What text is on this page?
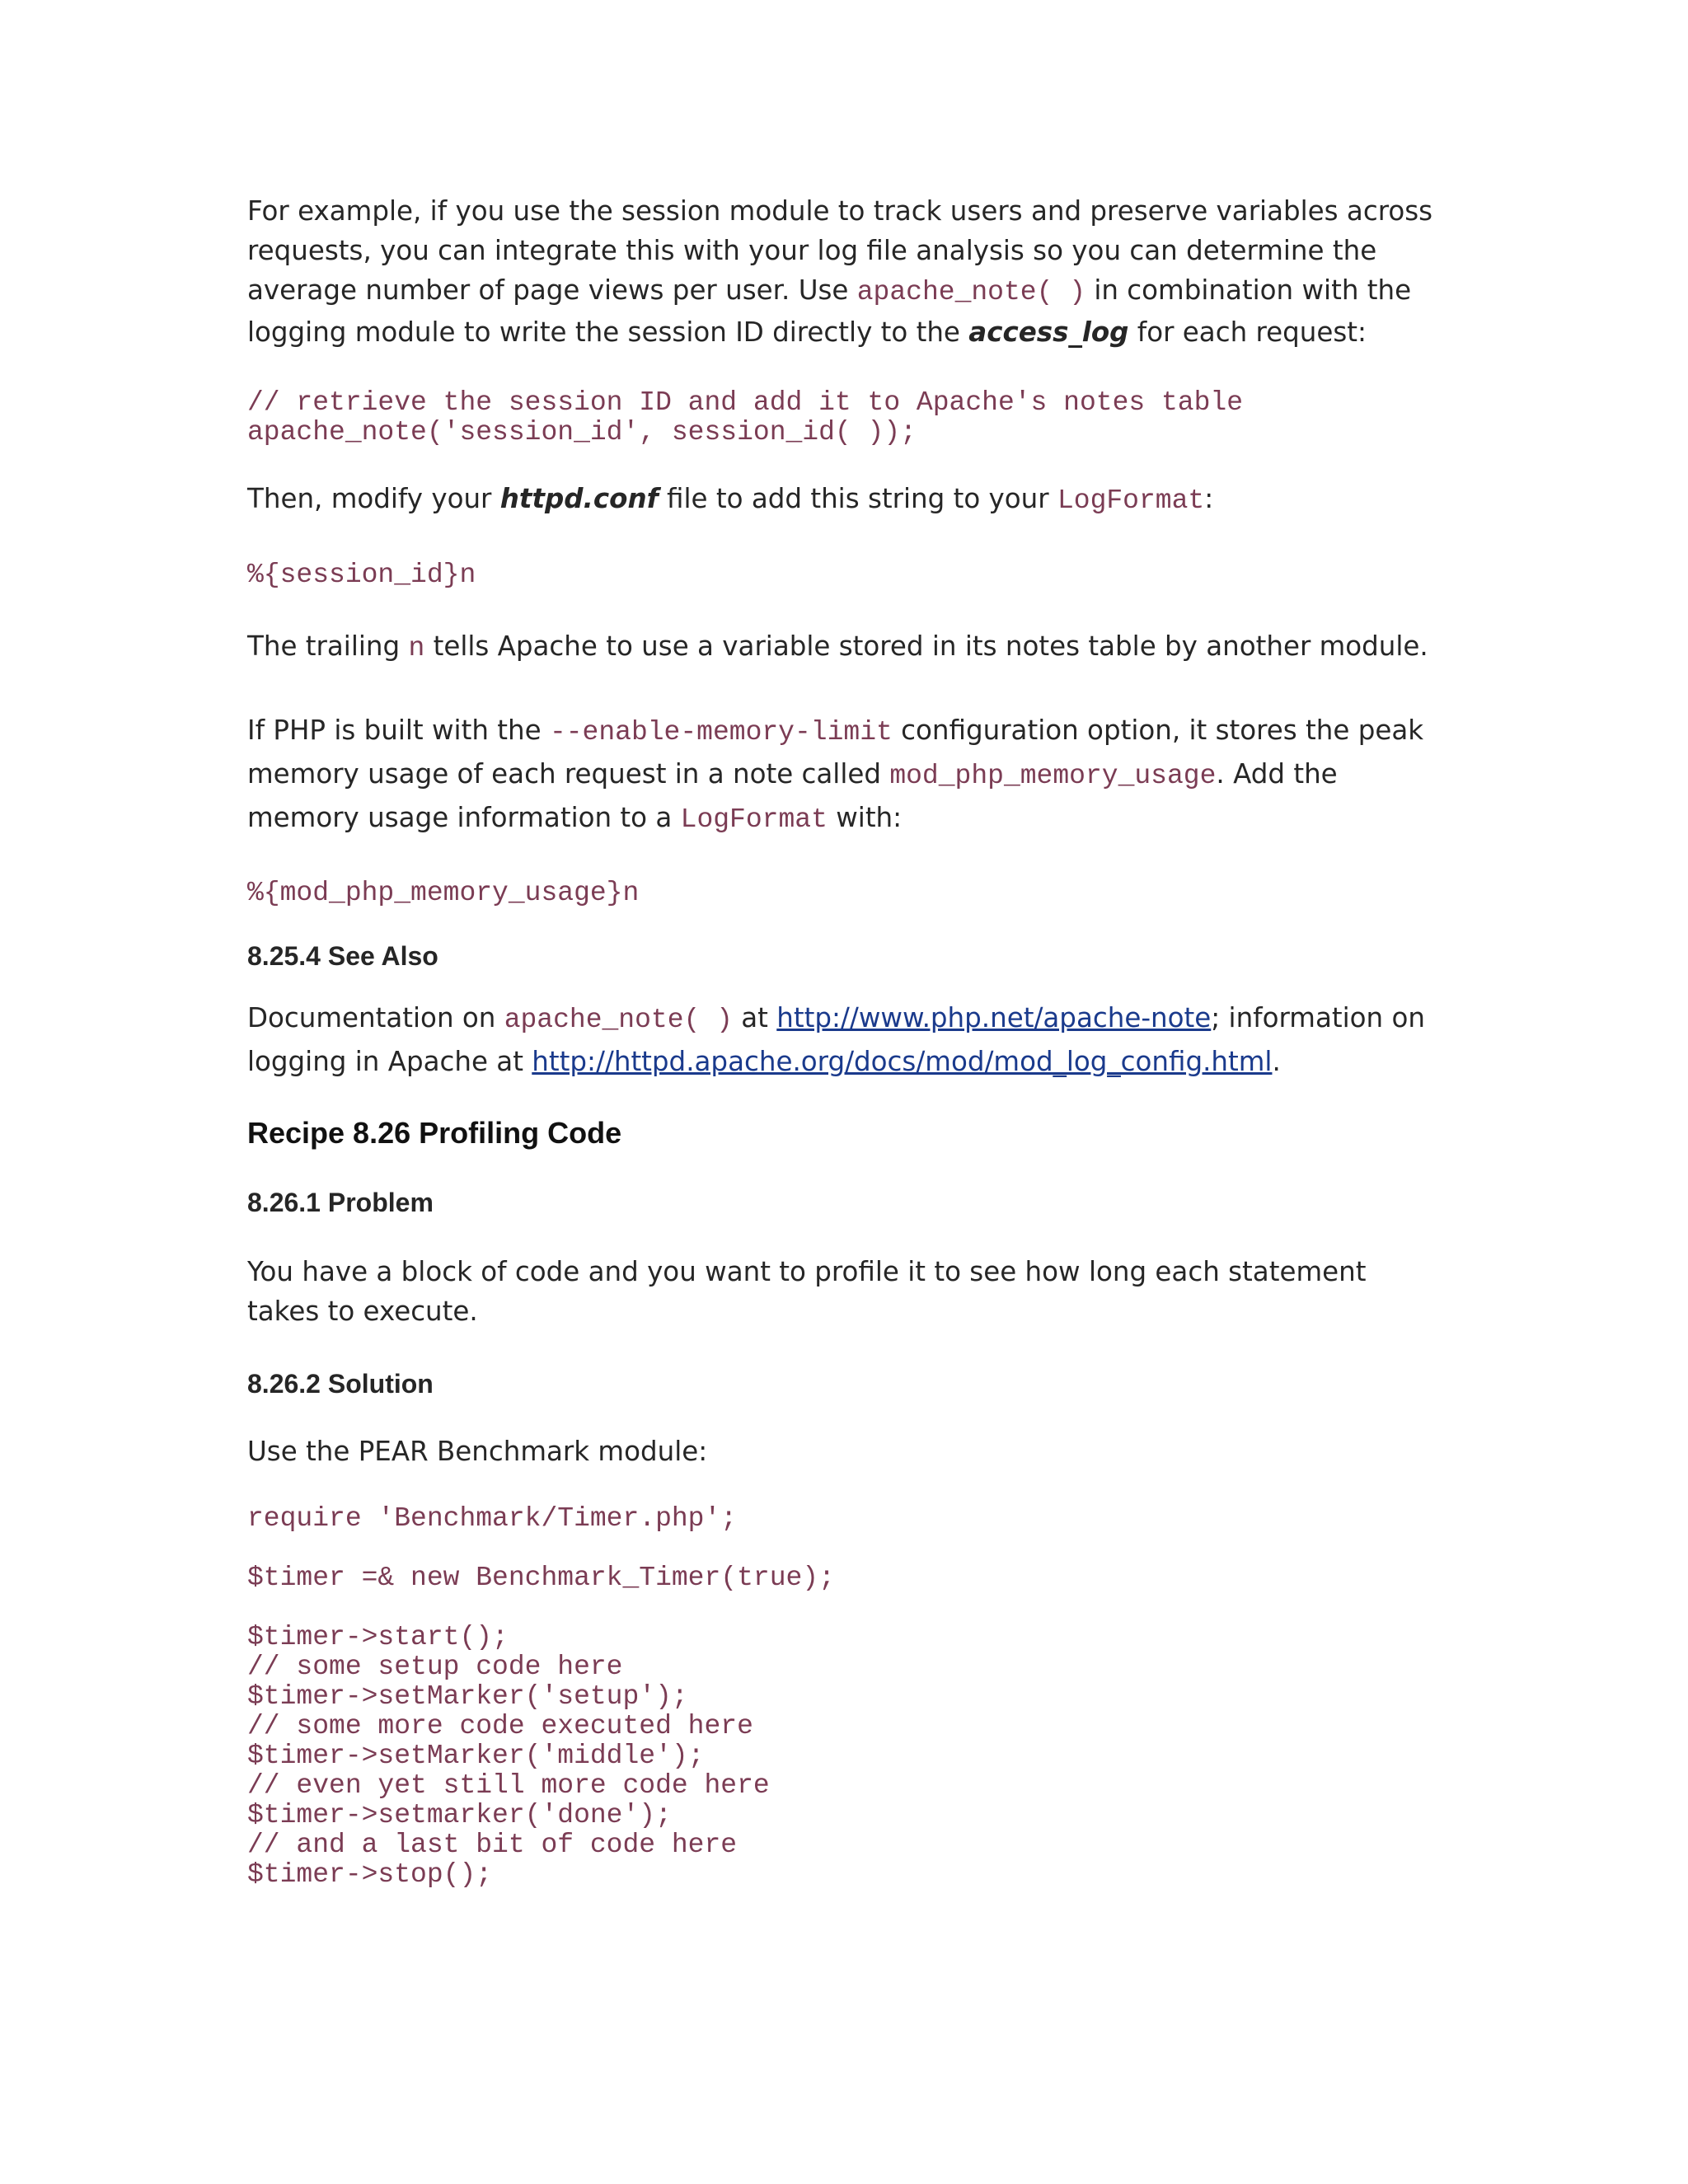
For example, if you use the session module to track users and preserve variables across requests, you can integrate this with your log file analysis so you can determine the average number of page views per user. Use apache_note( ) in combination with the logging module to write the session ID directly to the access_log for each request:

// retrieve the session ID and add it to Apache's notes table
apache_note('session_id', session_id( ));

Then, modify your httpd.conf file to add this string to your LogFormat:

%{session_id}n

The trailing n tells Apache to use a variable stored in its notes table by another module.

If PHP is built with the --enable-memory-limit configuration option, it stores the peak memory usage of each request in a note called mod_php_memory_usage. Add the memory usage information to a LogFormat with:

%{mod_php_memory_usage}n
8.25.4 See Also

Documentation on apache_note( ) at http://www.php.net/apache-note; information on logging in Apache at http://httpd.apache.org/docs/mod/mod_log_config.html.

Recipe 8.26 Profiling Code
8.26.1 Problem

You have a block of code and you want to profile it to see how long each statement takes to execute.

8.26.2 Solution

Use the PEAR Benchmark module:

require 'Benchmark/Timer.php';

$timer =& new Benchmark_Timer(true);

$timer->start();
// some setup code here
$timer->setMarker('setup');
// some more code executed here
$timer->setMarker('middle');
// even yet still more code here
$timer->setmarker('done');
// and a last bit of code here
$timer->stop();
